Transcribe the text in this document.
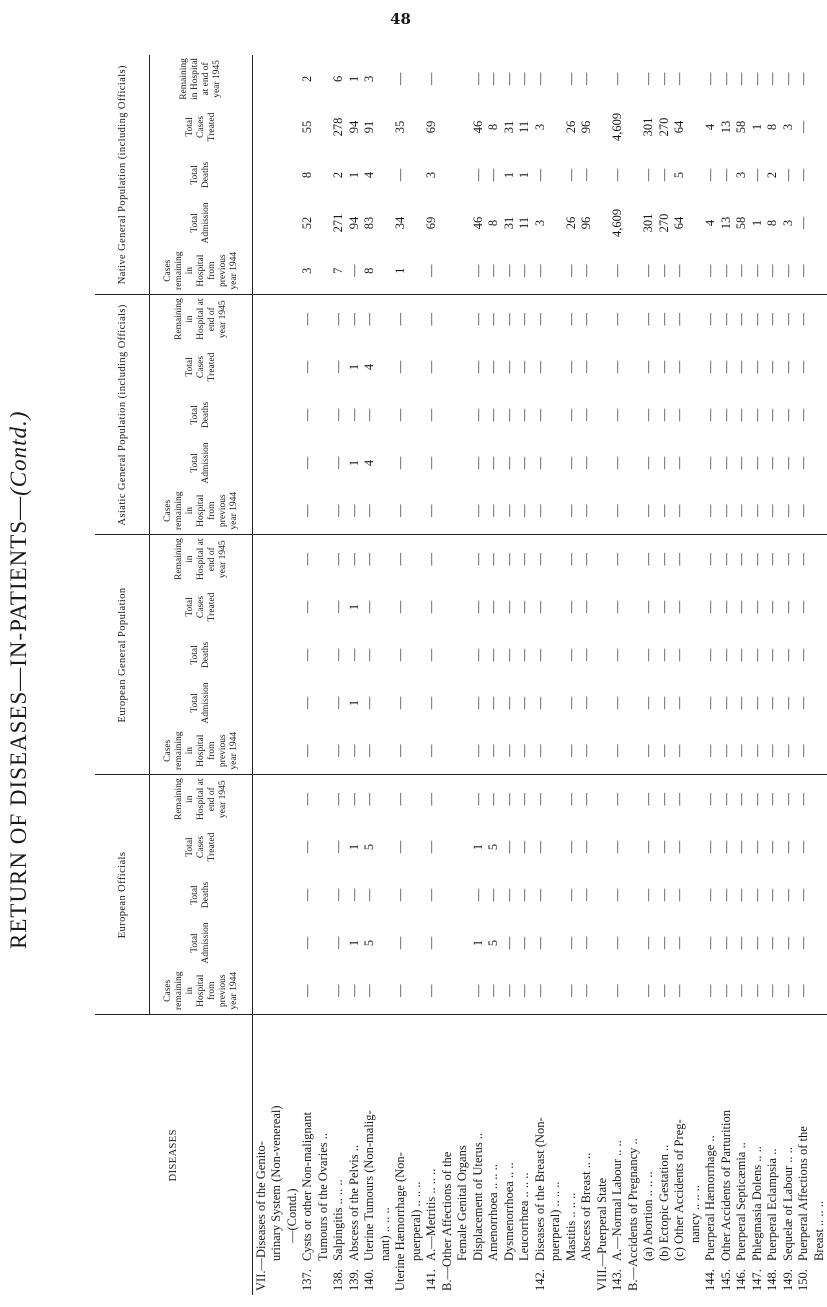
48
RETURN OF DISEASES—IN-PATIENTS—(Contd.)
DISEASES	European Officials					European General Population					Asiatic General Population (including Officials)					Native General Population (including Officials)				
	Cases remaining in Hospital from previous year 1944	Total Admission	Total Deaths	Total Cases Treated	Remaining in Hospital at end of year 1945	Cases remaining in Hospital from previous year 1944	Total Admission	Total Deaths	Total Cases Treated	Remaining in Hospital at end of year 1945	Cases remaining in Hospital from previous year 1944	Total Admission	Total Deaths	Total Cases Treated	Remaining in Hospital at end of year 1945	Cases remaining in Hospital from previous year 1944	Total Admission	Total Deaths	Total Cases Treated	Remaining in Hospital at end of year 1945
VII.—Diseases of the Genito-																				
urinary System (Non-venereal)																				
—(Contd.)																				
137.Cysts or other Non-malignant	—	—	—	—	—	—	—	—	—	—	—	—	—	—	—	3	52	8	55	2
Tumours of the Ovaries ..																				
138.Salpingitis .. .. ..	—	—	—	—	—	—	—	—	—	—	—	—	—	—	—	7	271	2	278	6
139.Abscess of the Pelvis ..	—	1	—	1	—	—	1	—	1	—	—	1	—	1	—	—	94	1	94	1
140.Uterine Tumours (Non-malig-	—	5	—	5	—	—	—	—	—	—	—	4	—	4	—	8	83	4	91	3
nant) .. .. ..																				
Uterine Hæmorrhage (Non-	—	—	—	—	—	—	—	—	—	—	—	—	—	—	—	1	34	—	35	—
puerperal) .. .. ..																				
141.A.—Metritis .. .. ..	—	—	—	—	—	—	—	—	—	—	—	—	—	—	—	—	69	3	69	—
B.—Other Affections of the																				
Female Genital Organs																				
Displacement of Uterus ..	—	1	—	1	—	—	—	—	—	—	—	—	—	—	—	—	46	—	46	—
Amenorrhoea .. .. ..	—	5	—	5	—	—	—	—	—	—	—	—	—	—	—	—	8	—	8	—
Dysmenorrhoea .. ..	—	—	—	—	—	—	—	—	—	—	—	—	—	—	—	—	31	1	31	—
Leucorrhœa .. .. ..	—	—	—	—	—	—	—	—	—	—	—	—	—	—	—	—	11	1	11	—
142.Diseases of the Breast (Non-	—	—	—	—	—	—	—	—	—	—	—	—	—	—	—	—	3	—	3	—
puerperal) .. .. ..																				
Mastitis .. .. ..	—	—	—	—	—	—	—	—	—	—	—	—	—	—	—	—	26	—	26	—
Abscess of Breast .. ..	—	—	—	—	—	—	—	—	—	—	—	—	—	—	—	—	96	—	96	—
VIII.—Puerperal State																				
143.A.—Normal Labour .. ..	—	—	—	—	—	—	—	—	—	—	—	—	—	—	—	—	4,609	—	4,609	—
B.—Accidents of Pregnancy ..																				
(a) Abortion .. .. ..	—	—	—	—	—	—	—	—	—	—	—	—	—	—	—	—	301	—	301	—
(b) Ectopic Gestation ..	—	—	—	—	—	—	—	—	—	—	—	—	—	—	—	—	270	—	270	—
(c) Other Accidents of Preg-	—	—	—	—	—	—	—	—	—	—	—	—	—	—	—	—	64	5	64	—
nancy .. .. ..																				
144.Puerperal Hæmorrhage ..	—	—	—	—	—	—	—	—	—	—	—	—	—	—	—	—	4	—	4	—
145.Other Accidents of Parturition	—	—	—	—	—	—	—	—	—	—	—	—	—	—	—	—	13	—	13	—
146.Puerperal Septicæmia ..	—	—	—	—	—	—	—	—	—	—	—	—	—	—	—	—	58	3	58	—
147.Phlegmasia Dolens .. ..	—	—	—	—	—	—	—	—	—	—	—	—	—	—	—	—	1	—	1	—
148.Puerperal Eclampsia ..	—	—	—	—	—	—	—	—	—	—	—	—	—	—	—	—	8	2	8	—
149.Sequelæ of Labour .. ..	—	—	—	—	—	—	—	—	—	—	—	—	—	—	—	—	3	—	3	—
150.Puerperal Affections of the	—	—	—	—	—	—	—	—	—	—	—	—	—	—	—	—	—	—	—	—
Breast .. .. ..																				
